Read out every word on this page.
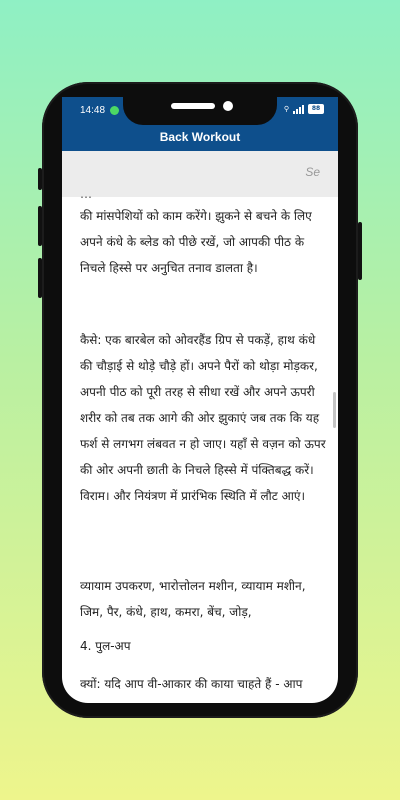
14:48	⚲	88
Back Workout
Se
…
की मांसपेशियों को काम करेंगे। झुकने से बचने के लिए अपने कंधे के ब्लेड को पीछे रखें, जो आपकी पीठ के निचले हिस्से पर अनुचित तनाव डालता है।
कैसे: एक बारबेल को ओवरहैंड ग्रिप से पकड़ें, हाथ कंधे की चौड़ाई से थोड़े चौड़े हों। अपने पैरों को थोड़ा मोड़कर, अपनी पीठ को पूरी तरह से सीधा रखें और अपने ऊपरी शरीर को तब तक आगे की ओर झुकाएं जब तक कि यह फर्श से लगभग लंबवत न हो जाए। यहाँ से वज़न को ऊपर की ओर अपनी छाती के निचले हिस्से में पंक्तिबद्ध करें। विराम। और नियंत्रण में प्रारंभिक स्थिति में लौट आएं।
व्यायाम उपकरण, भारोत्तोलन मशीन, व्यायाम मशीन, जिम, पैर, कंधे, हाथ, कमरा, बेंच, जोड़,
4. पुल-अप
क्यों: यदि आप वी-आकार की काया चाहते हैं - आप
